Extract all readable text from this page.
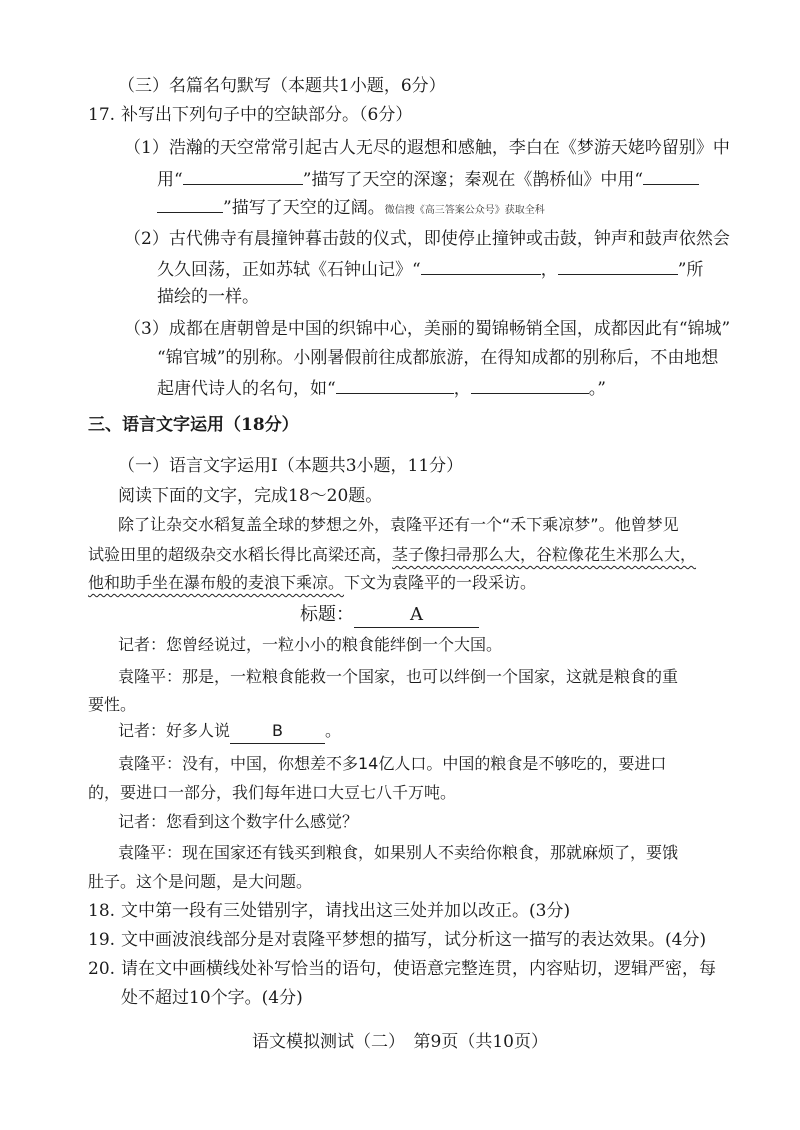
（三）名篇名句默写（本题共1小题，6分）
17. 补写出下列句子中的空缺部分。（6分）
（1）浩瀚的天空常常引起古人无尽的遐想和感触，李白在《梦游天姥吟留别》中
用“	”描写了天空的深邃；秦观在《鹊桥仙》中用“
”描写了天空的辽阔。微信搜《高三答案公众号》获取全科
（2）古代佛寺有晨撞钟暮击鼓的仪式，即使停止撞钟或击鼓，钟声和鼓声依然会
久久回荡，正如苏轼《石钟山记》“	，	”所
描绘的一样。
（3）成都在唐朝曾是中国的织锦中心，美丽的蜀锦畅销全国，成都因此有“锦城”
“锦官城”的别称。小刚暑假前往成都旅游，在得知成都的别称后，不由地想
起唐代诗人的名句，如“	，	。”
三、语言文字运用（18分）
（一）语言文字运用Ⅰ（本题共3小题，11分）
阅读下面的文字，完成18～20题。
除了让杂交水稻复盖全球的梦想之外，袁隆平还有一个“禾下乘凉梦”。他曾梦见
试验田里的超级杂交水稻长得比高梁还高，茎子像扫帚那么大，谷粒像花生米那么大，
他和助手坐在瀑布般的麦浪下乘凉。下文为袁隆平的一段采访。
标题：	A
记者：您曾经说过，一粒小小的粮食能绊倒一个大国。
袁隆平：那是，一粒粮食能救一个国家，也可以绊倒一个国家，这就是粮食的重
要性。
记者：好多人说	B	。
袁隆平：没有，中国，你想差不多14亿人口。中国的粮食是不够吃的，要进口
的，要进口一部分，我们每年进口大豆七八千万吨。
记者：您看到这个数字什么感觉？
袁隆平：现在国家还有钱买到粮食，如果别人不卖给你粮食，那就麻烦了，要饿
肚子。这个是问题，是大问题。
18. 文中第一段有三处错别字，请找出这三处并加以改正。(3分)
19. 文中画波浪线部分是对袁隆平梦想的描写，试分析这一描写的表达效果。(4分)
20. 请在文中画横线处补写恰当的语句，使语意完整连贯，内容贴切，逻辑严密，每
处不超过10个字。(4分)
语文模拟测试（二）　第9页（共10页）
